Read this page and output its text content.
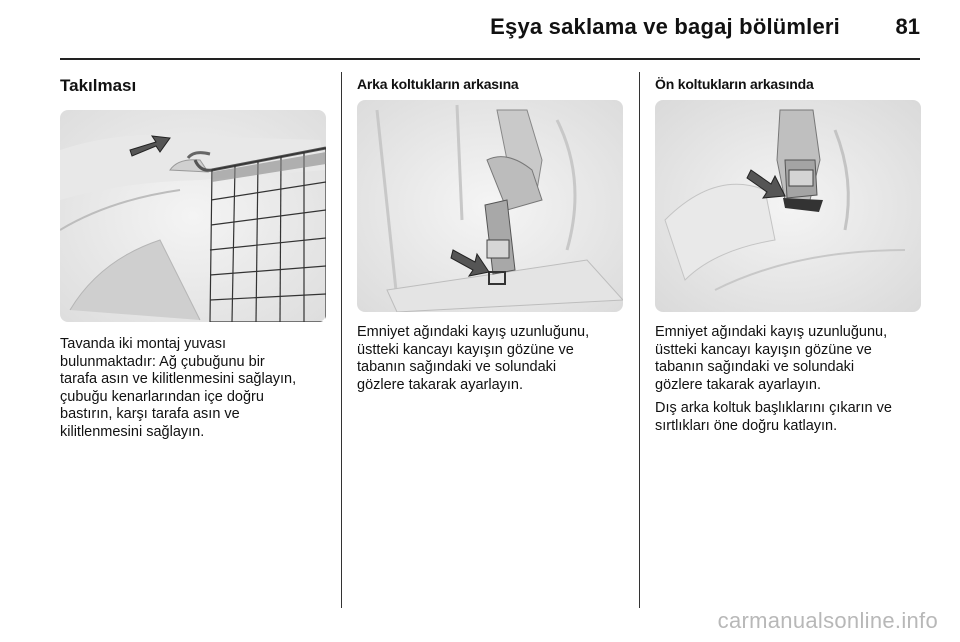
Eşya saklama ve bagaj bölümleri	81
Takılması

Tavanda iki montaj yuvası
bulunmaktadır: Ağ çubuğunu bir
tarafa asın ve kilitlenmesini sağlayın,
çubuğu kenarlarından içe doğru
bastırın, karşı tarafa asın ve
kilitlenmesini sağlayın.

Arka koltukların arkasına

Emniyet ağındaki kayış uzunluğunu,
üstteki kancayı kayışın gözüne ve
tabanın sağındaki ve solundaki
gözlere takarak ayarlayın.

Ön koltukların arkasında

Emniyet ağındaki kayış uzunluğunu,
üstteki kancayı kayışın gözüne ve
tabanın sağındaki ve solundaki
gözlere takarak ayarlayın.

Dış arka koltuk başlıklarını çıkarın ve
sırtlıkları öne doğru katlayın.

carmanualsonline.info
